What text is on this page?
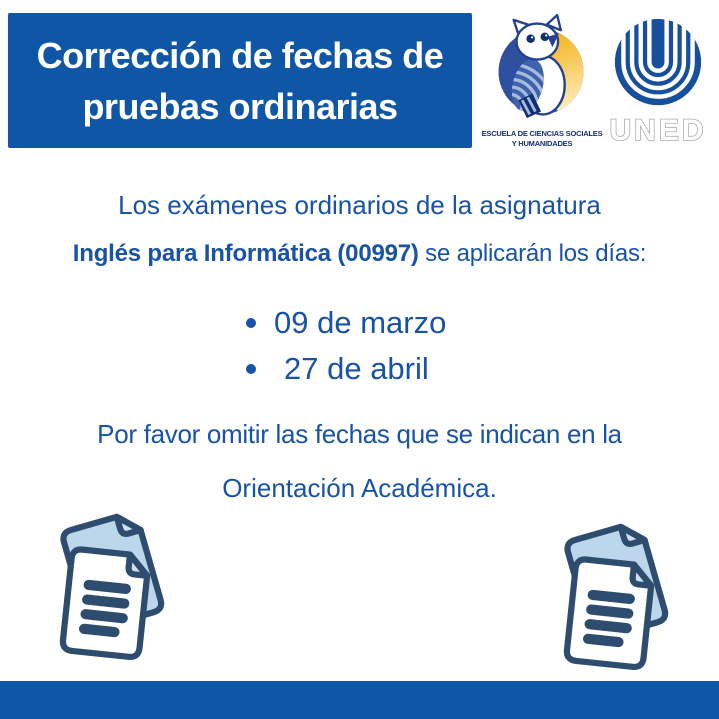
Corrección de fechas de
pruebas ordinarias
ESCUELA DE CIENCIAS SOCIALES
Y HUMANIDADES	UNED
Los exámenes ordinarios de la asignatura
Inglés para Informática (00997) se aplicarán los días:
09 de marzo
27 de abril
Por favor omitir las fechas que se indican en la
Orientación Académica.
